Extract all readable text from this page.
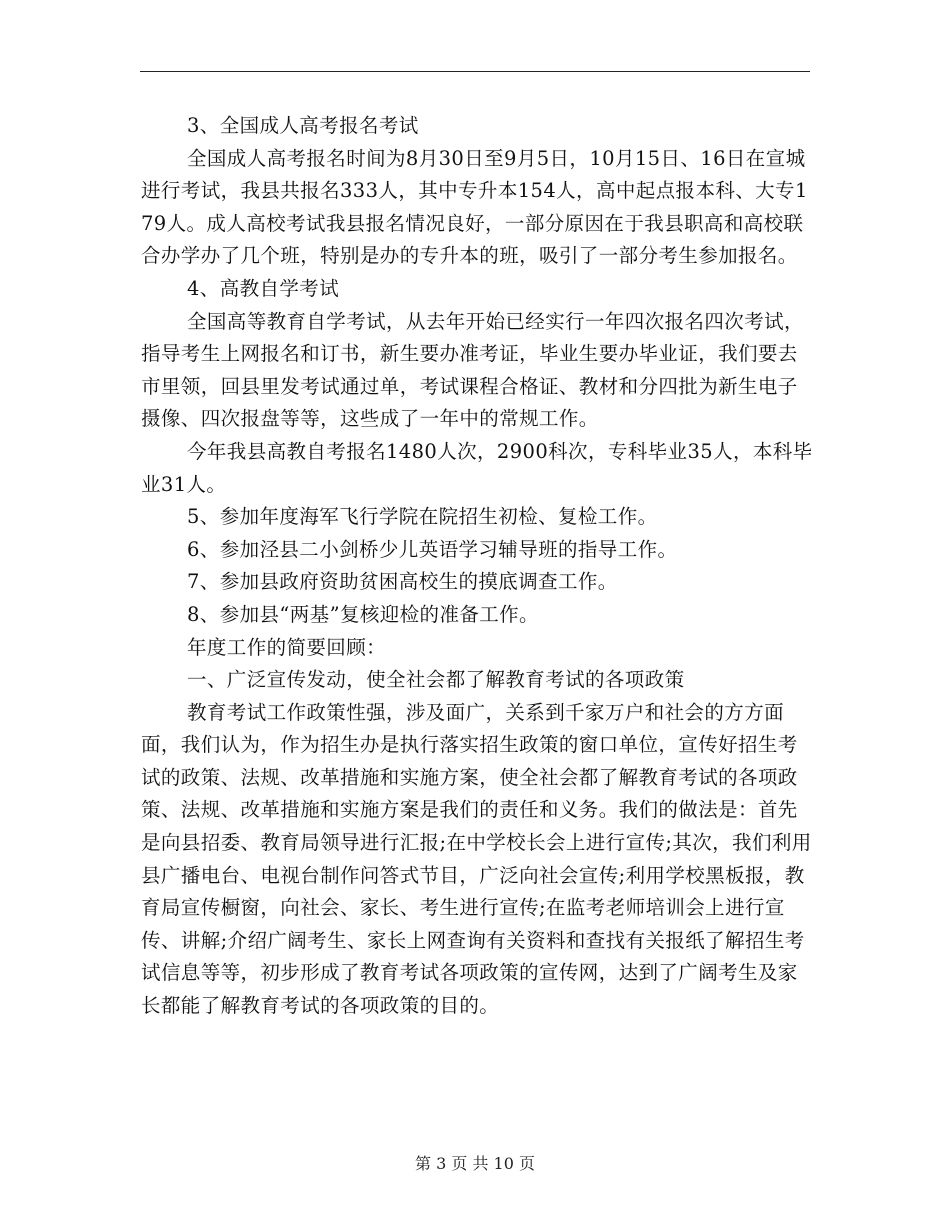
3、全国成人高考报名考试

全国成人高考报名时间为8月30日至9月5日，10月15日、16日在宣城进行考试，我县共报名333人，其中专升本154人，高中起点报本科、大专179人。成人高校考试我县报名情况良好，一部分原因在于我县职高和高校联合办学办了几个班，特别是办的专升本的班，吸引了一部分考生参加报名。

4、高教自学考试

全国高等教育自学考试，从去年开始已经实行一年四次报名四次考试，指导考生上网报名和订书，新生要办准考证，毕业生要办毕业证，我们要去市里领，回县里发考试通过单，考试课程合格证、教材和分四批为新生电子摄像、四次报盘等等，这些成了一年中的常规工作。

今年我县高教自考报名1480人次，2900科次，专科毕业35人，本科毕业31人。

5、参加年度海军飞行学院在院招生初检、复检工作。

6、参加泾县二小剑桥少儿英语学习辅导班的指导工作。

7、参加县政府资助贫困高校生的摸底调查工作。

8、参加县“两基”复核迎检的准备工作。

年度工作的简要回顾：

一、广泛宣传发动，使全社会都了解教育考试的各项政策

教育考试工作政策性强，涉及面广，关系到千家万户和社会的方方面面，我们认为，作为招生办是执行落实招生政策的窗口单位，宣传好招生考试的政策、法规、改革措施和实施方案，使全社会都了解教育考试的各项政策、法规、改革措施和实施方案是我们的责任和义务。我们的做法是：首先是向县招委、教育局领导进行汇报;在中学校长会上进行宣传;其次，我们利用县广播电台、电视台制作问答式节目，广泛向社会宣传;利用学校黑板报，教育局宣传橱窗，向社会、家长、考生进行宣传;在监考老师培训会上进行宣传、讲解;介绍广阔考生、家长上网查询有关资料和查找有关报纸了解招生考试信息等等，初步形成了教育考试各项政策的宣传网，达到了广阔考生及家长都能了解教育考试的各项政策的目的。

第 3 页 共 10 页
